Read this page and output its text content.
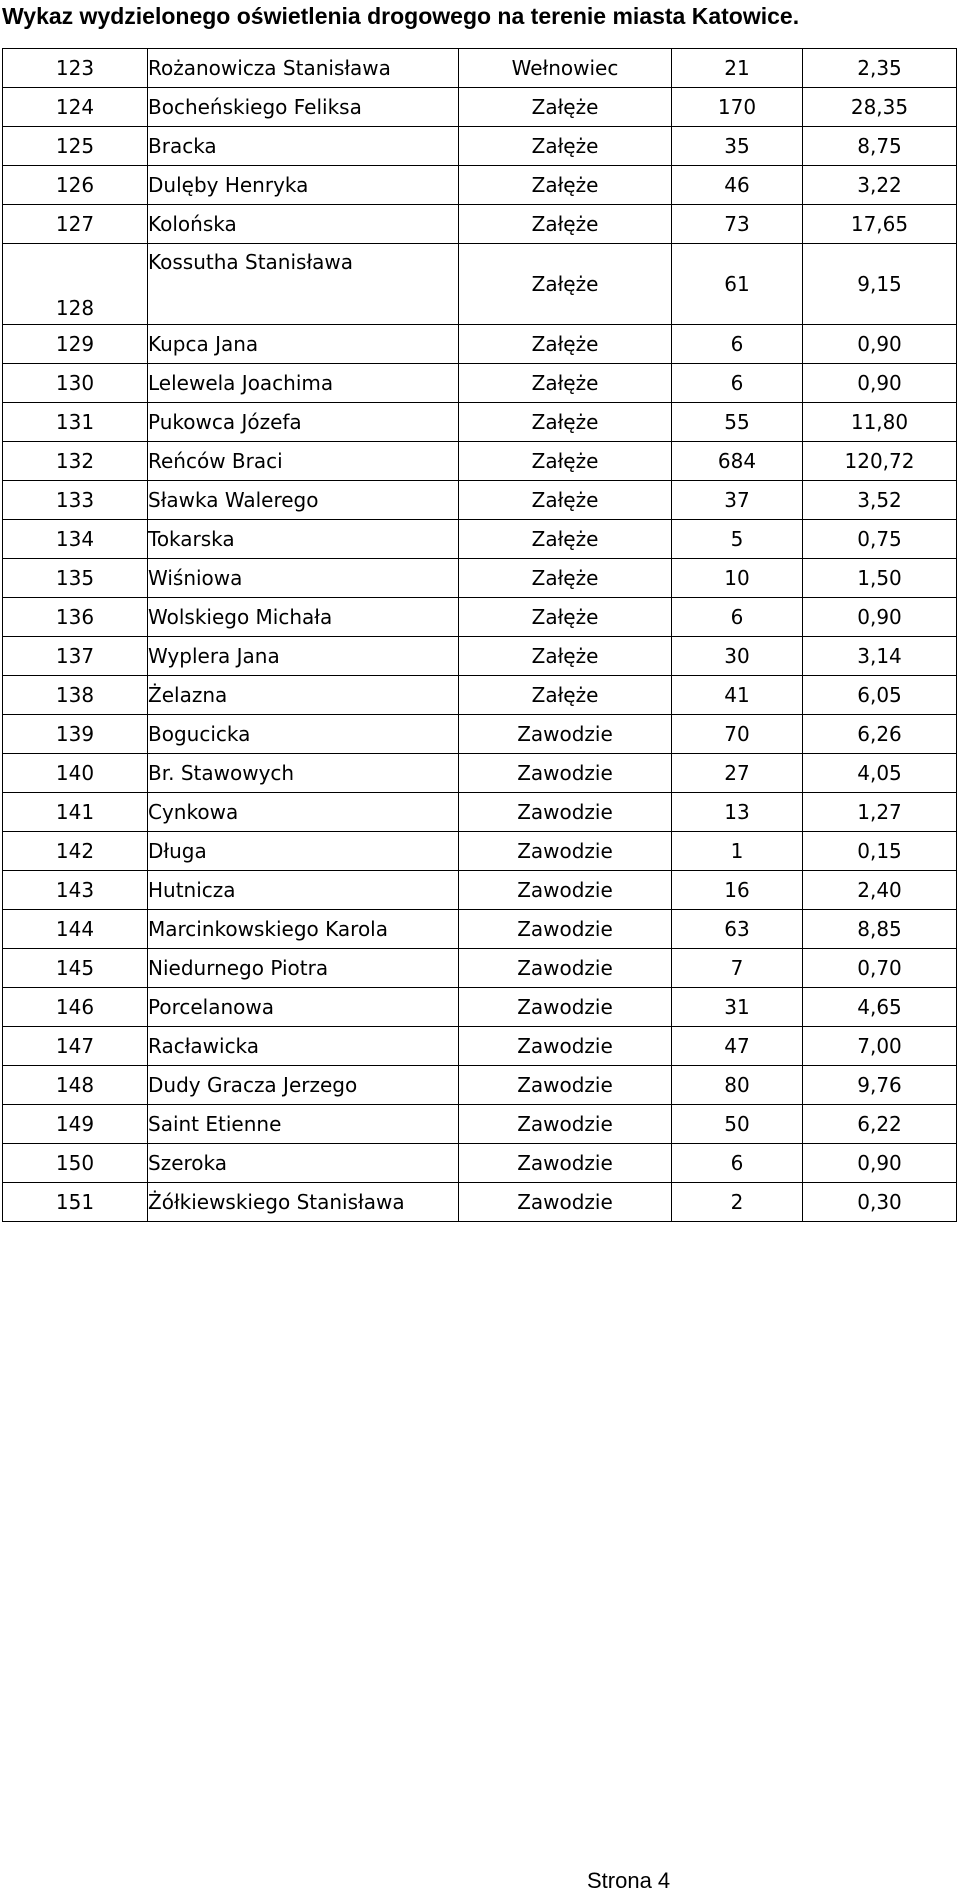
Wykaz wydzielonego oświetlenia drogowego na terenie miasta Katowice.
123	Rożanowicza Stanisława	Wełnowiec	21	2,35
124	Bocheńskiego Feliksa	Załęże	170	28,35
125	Bracka	Załęże	35	8,75
126	Dulęby Henryka	Załęże	46	3,22
127	Kolońska	Załęże	73	17,65
128	Kossutha Stanisława	Załęże	61	9,15
129	Kupca Jana	Załęże	6	0,90
130	Lelewela Joachima	Załęże	6	0,90
131	Pukowca Józefa	Załęże	55	11,80
132	Reńców Braci	Załęże	684	120,72
133	Sławka Walerego	Załęże	37	3,52
134	Tokarska	Załęże	5	0,75
135	Wiśniowa	Załęże	10	1,50
136	Wolskiego Michała	Załęże	6	0,90
137	Wyplera Jana	Załęże	30	3,14
138	Żelazna	Załęże	41	6,05
139	Bogucicka	Zawodzie	70	6,26
140	Br. Stawowych	Zawodzie	27	4,05
141	Cynkowa	Zawodzie	13	1,27
142	Długa	Zawodzie	1	0,15
143	Hutnicza	Zawodzie	16	2,40
144	Marcinkowskiego Karola	Zawodzie	63	8,85
145	Niedurnego Piotra	Zawodzie	7	0,70
146	Porcelanowa	Zawodzie	31	4,65
147	Racławicka	Zawodzie	47	7,00
148	Dudy Gracza Jerzego	Zawodzie	80	9,76
149	Saint Etienne	Zawodzie	50	6,22
150	Szeroka	Zawodzie	6	0,90
151	Żółkiewskiego Stanisława	Zawodzie	2	0,30
Strona 4
